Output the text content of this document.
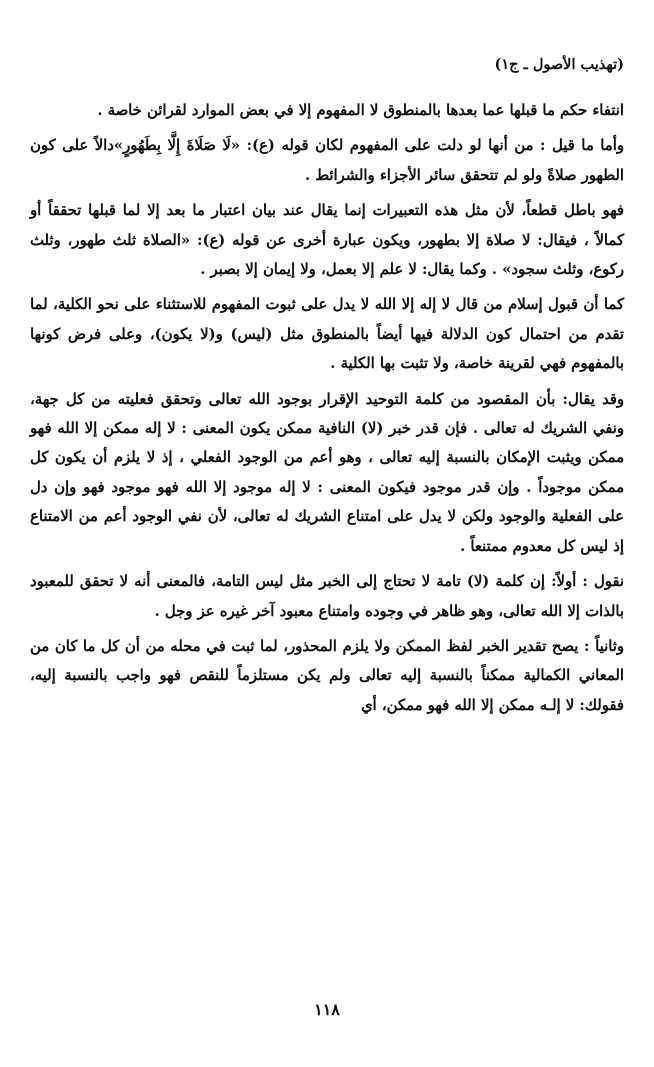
(تهذيب الأصول ـ ج١)

انتفاء حكم ما قبلها عما بعدها بالمنطوق لا المفهوم إلا في بعض الموارد لقرائن خاصة .

وأما ما قيل : من أنها لو دلت على المفهوم لكان قوله (ع): «لَا صَلَاةَ إِلَّا بِطَهُورٍ»دالاً على كون الطهور صلاةً ولو لم تتحقق سائر الأجزاء والشرائط .

فهو باطل قطعاً، لأن مثل هذه التعبيرات إنما يقال عند بيان اعتبار ما بعد إلا لما قبلها تحققاً أو كمالاً ، فيقال: لا صلاة إلا بطهور، ويكون عبارة أخرى عن قوله (ع): «الصلاة ثلث طهور، وثلث ركوع، وثلث سجود» . وكما يقال: لا علم إلا بعمل، ولا إيمان إلا بصبر .

كما أن قبول إسلام من قال لا إله إلا الله لا يدل على ثبوت المفهوم للاستثناء على نحو الكلية، لما تقدم من احتمال كون الدلالة فيها أيضاً بالمنطوق مثل (ليس) و(لا يكون)، وعلى فرض كونها بالمفهوم فهي لقرينة خاصة، ولا تثبت بها الكلية .

وقد يقال: بأن المقصود من كلمة التوحيد الإقرار بوجود الله تعالى وتحقق فعليته من كل جهة، ونفي الشريك له تعالى . فإن قدر خبر (لا) النافية ممكن يكون المعنى : لا إله ممكن إلا الله فهو ممكن ويثبت الإمكان بالنسبة إليه تعالى ، وهو أعم من الوجود الفعلي ، إذ لا يلزم أن يكون كل ممكن موجوداً . وإن قدر موجود فيكون المعنى : لا إله موجود إلا الله فهو موجود فهو وإن دل على الفعلية والوجود ولكن لا يدل على امتناع الشريك له تعالى، لأن نفي الوجود أعم من الامتناع إذ ليس كل معدوم ممتنعاً .

نقول : أولاً: إن كلمة (لا) تامة لا تحتاج إلى الخبر مثل ليس التامة، فالمعنى أنه لا تحقق للمعبود بالذات إلا الله تعالى، وهو ظاهر في وجوده وامتناع معبود آخر غيره عز وجل .

وثانياً : يصح تقدير الخبر لفظ الممكن ولا يلزم المحذور، لما ثبت في محله من أن كل ما كان من المعاني الكمالية ممكناً بالنسبة إليه تعالى ولم يكن مستلزماً للنقص فهو واجب بالنسبة إليه، فقولك: لا إلـه ممكن إلا الله فهو ممكن، أي

١١٨
